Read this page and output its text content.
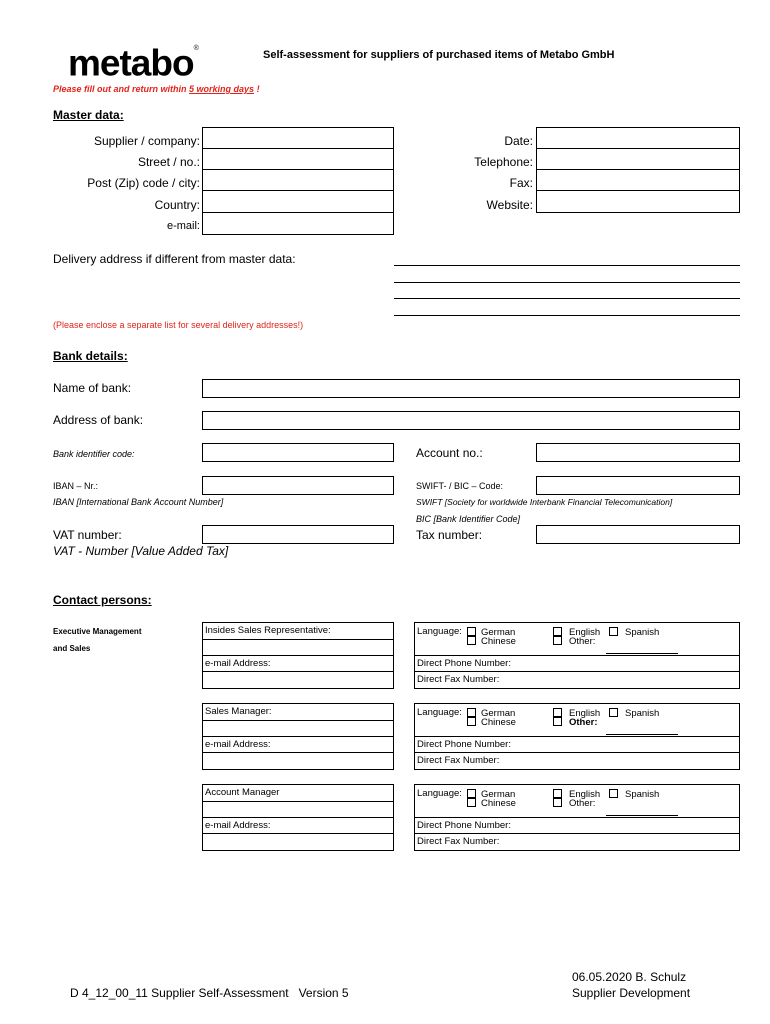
metabo®
Self-assessment for suppliers of purchased items of Metabo GmbH
Please fill out and return within 5 working days !
Master data:
Supplier / company:
Street / no.:
Post (Zip) code / city:
Country:
e-mail:
Date:
Telephone:
Fax:
Website:
Delivery address if different from master data:
(Please enclose a separate list for several delivery addresses!)
Bank details:
Name of bank:
Address of bank:
Bank identifier code:	Account no.:
IBAN – Nr.:
IBAN [International Bank Account Number]
SWIFT- / BIC – Code:
SWIFT [Society for worldwide Interbank Financial Telecomunication]
BIC [Bank Identifier Code]
VAT number:
VAT - Number [Value Added Tax]
Tax number:
Contact persons:
Executive Management
and Sales
Insides Sales Representative:
e-mail Address:
Language: German
Chinese
English
Other:
Spanish
Direct Phone Number:
Direct Fax Number:
Sales Manager:
e-mail Address:
Language: German
Chinese
English
Other:
Spanish
Direct Phone Number:
Direct Fax Number:
Account Manager
e-mail Address:
Language: German
Chinese
English
Other:
Spanish
Direct Phone Number:
Direct Fax Number:
D 4_12_00_11 Supplier Self-Assessment   Version 5
06.05.2020 B. Schulz
Supplier Development
